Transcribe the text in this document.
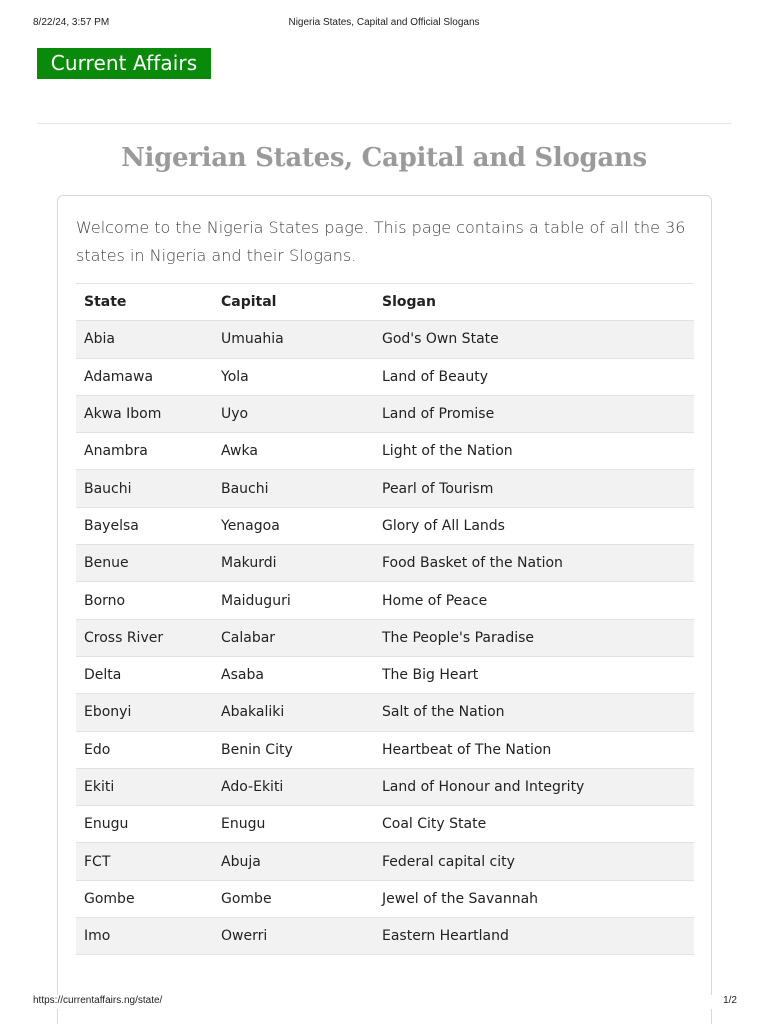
8/22/24, 3:57 PM	Nigeria States, Capital and Official Slogans
Current Affairs
Nigerian States, Capital and Slogans

Welcome to the Nigeria States page. This page contains a table of all the 36 states in Nigeria and their Slogans.

State	Capital	Slogan
Abia	Umuahia	God's Own State
Adamawa	Yola	Land of Beauty
Akwa Ibom	Uyo	Land of Promise
Anambra	Awka	Light of the Nation
Bauchi	Bauchi	Pearl of Tourism
Bayelsa	Yenagoa	Glory of All Lands
Benue	Makurdi	Food Basket of the Nation
Borno	Maiduguri	Home of Peace
Cross River	Calabar	The People's Paradise
Delta	Asaba	The Big Heart
Ebonyi	Abakaliki	Salt of the Nation
Edo	Benin City	Heartbeat of The Nation
Ekiti	Ado-Ekiti	Land of Honour and Integrity
Enugu	Enugu	Coal City State
FCT	Abuja	Federal capital city
Gombe	Gombe	Jewel of the Savannah
Imo	Owerri	Eastern Heartland
https://currentaffairs.ng/state/	1/2
